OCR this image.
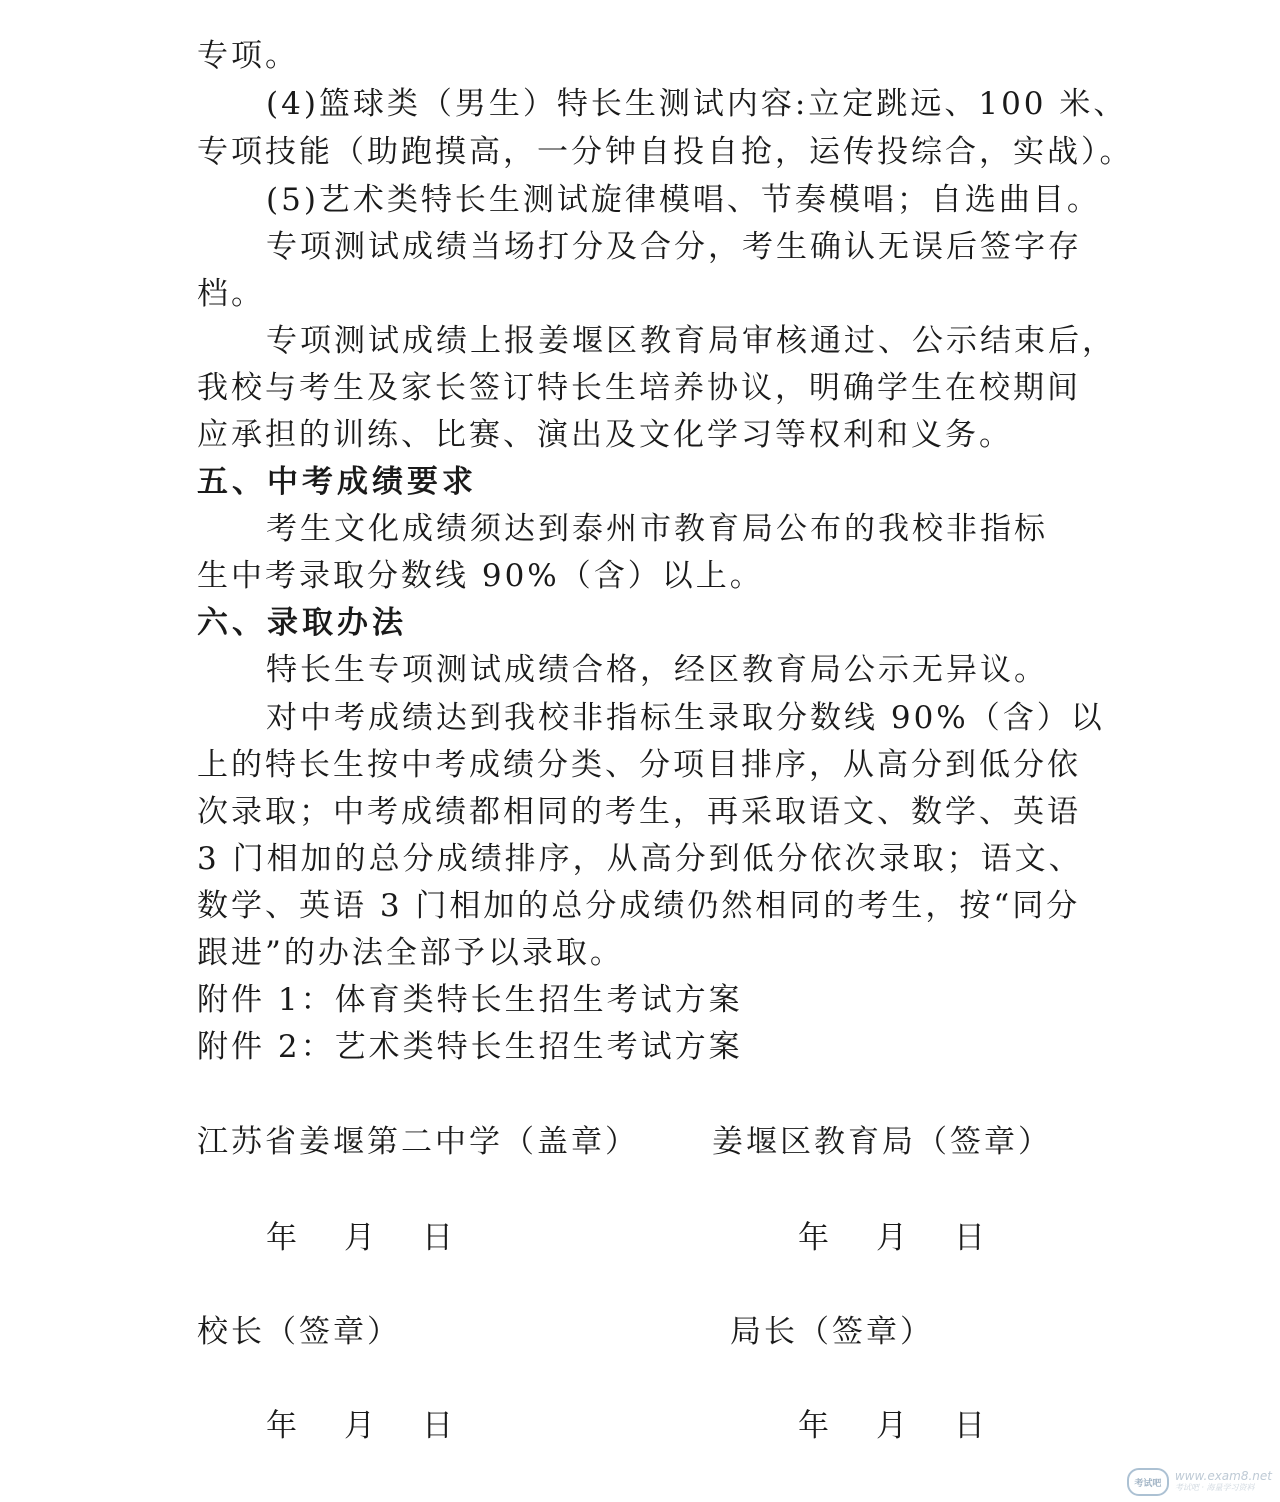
专项。
(4)篮球类（男生）特长生测试内容:立定跳远、100 米、
专项技能（助跑摸高，一分钟自投自抢，运传投综合，实战）。
(5)艺术类特长生测试旋律模唱、节奏模唱；自选曲目。
专项测试成绩当场打分及合分，考生确认无误后签字存
档。
专项测试成绩上报姜堰区教育局审核通过、公示结束后，
我校与考生及家长签订特长生培养协议，明确学生在校期间
应承担的训练、比赛、演出及文化学习等权利和义务。
五、中考成绩要求
考生文化成绩须达到泰州市教育局公布的我校非指标
生中考录取分数线 90%（含）以上。
六、录取办法
特长生专项测试成绩合格，经区教育局公示无异议。
对中考成绩达到我校非指标生录取分数线 90%（含）以
上的特长生按中考成绩分类、分项目排序，从高分到低分依
次录取；中考成绩都相同的考生，再采取语文、数学、英语
3 门相加的总分成绩排序，从高分到低分依次录取；语文、
数学、英语 3 门相加的总分成绩仍然相同的考生，按“同分
跟进”的办法全部予以录取。
附件 1：体育类特长生招生考试方案
附件 2：艺术类特长生招生考试方案
江苏省姜堰第二中学（盖章） 姜堰区教育局（签章）
年 月 日	年 月 日
校长（签章）	局长（签章）
年 月 日	年 月 日
考试吧
www.exam8.net
考试吧 · 海量学习资料
